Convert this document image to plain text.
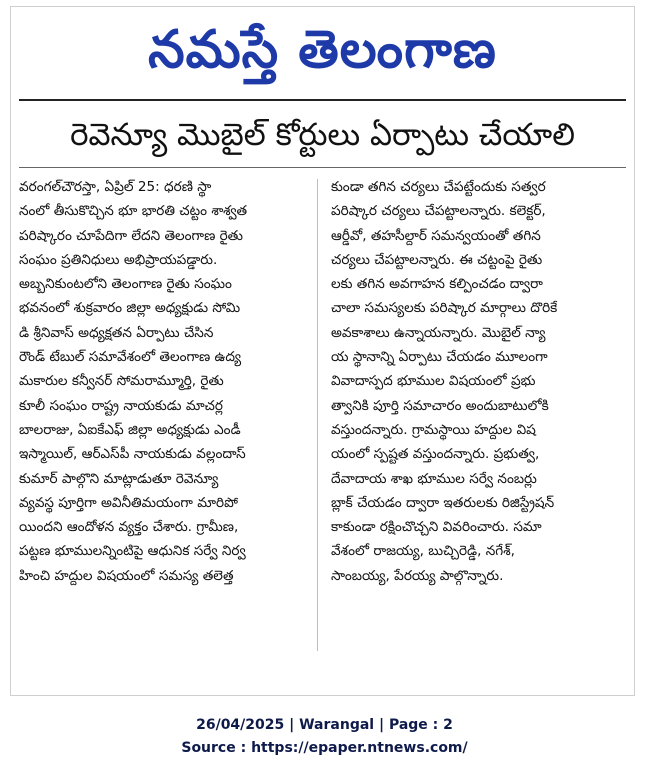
నమస్తే తెలంగాణ
రెవెన్యూ మొబైల్ కోర్టులు ఏర్పాటు చేయాలి
వరంగల్‌చౌరస్తా, ఏప్రిల్ 25: ధరణి స్థా
నంలో తీసుకొచ్చిన భూ భారతి చట్టం శాశ్వత
పరిష్కారం చూపేదిగా లేదని తెలంగాణ రైతు
సంఘం ప్రతినిధులు అభిప్రాయపడ్డారు.
అబ్బనికుంటలోని తెలంగాణ రైతు సంఘం
భవనంలో శుక్రవారం జిల్లా అధ్యక్షుడు సోమి
డి శ్రీనివాస్ అధ్యక్షతన ఏర్పాటు చేసిన
రౌండ్ టేబుల్ సమావేశంలో తెలంగాణ ఉద్య
మకారుల కన్వీనర్ సోమరామ్మూర్తి, రైతు
కూలీ సంఘం రాష్ట్ర నాయకుడు మాచర్ల
బాలరాజు, ఏఐకేఎఫ్ జిల్లా అధ్యక్షుడు ఎండీ
ఇస్మాయిల్, ఆర్ఎస్‌పీ నాయకుడు వల్లందాస్
కుమార్ పాల్గొని మాట్లాడుతూ రెవెన్యూ
వ్యవస్థ పూర్తిగా అవినీతిమయంగా మారిపో
యిందని ఆందోళన వ్యక్తం చేశారు. గ్రామీణ,
పట్టణ భూములన్నింటిపై ఆధునిక సర్వే నిర్వ
హించి హద్దుల విషయంలో సమస్య తలెత్త
కుండా తగిన చర్యలు చేపట్టేందుకు సత్వర
పరిష్కార చర్యలు చేపట్టాలన్నారు. కలెక్టర్,
ఆర్డీవో, తహసీల్దార్ సమన్వయంతో తగిన
చర్యలు చేపట్టాలన్నారు. ఈ చట్టంపై రైతు
లకు తగిన అవగాహన కల్పించడం ద్వారా
చాలా సమస్యలకు పరిష్కార మార్గాలు దొరికే
అవకాశాలు ఉన్నాయన్నారు. మొబైల్ న్యా
య స్థానాన్ని ఏర్పాటు చేయడం మూలంగా
వివాదాస్పద భూముల విషయంలో ప్రభు
త్వానికి పూర్తి సమాచారం అందుబాటులోకి
వస్తుందన్నారు. గ్రామస్థాయి హద్దుల విష
యంలో స్పష్టత వస్తుందన్నారు. ప్రభుత్వ,
దేవాదాయ శాఖ భూముల సర్వే నంబర్లు
బ్లాక్ చేయడం ద్వారా ఇతరులకు రిజిస్ట్రేషన్
కాకుండా రక్షించొచ్చని వివరించారు. సమా
వేశంలో రాజయ్య, బుచ్చిరెడ్డి, నగేశ్,
సాంబయ్య, పేరయ్య పాల్గొన్నారు.
26/04/2025 | Warangal | Page : 2
Source : https://epaper.ntnews.com/
